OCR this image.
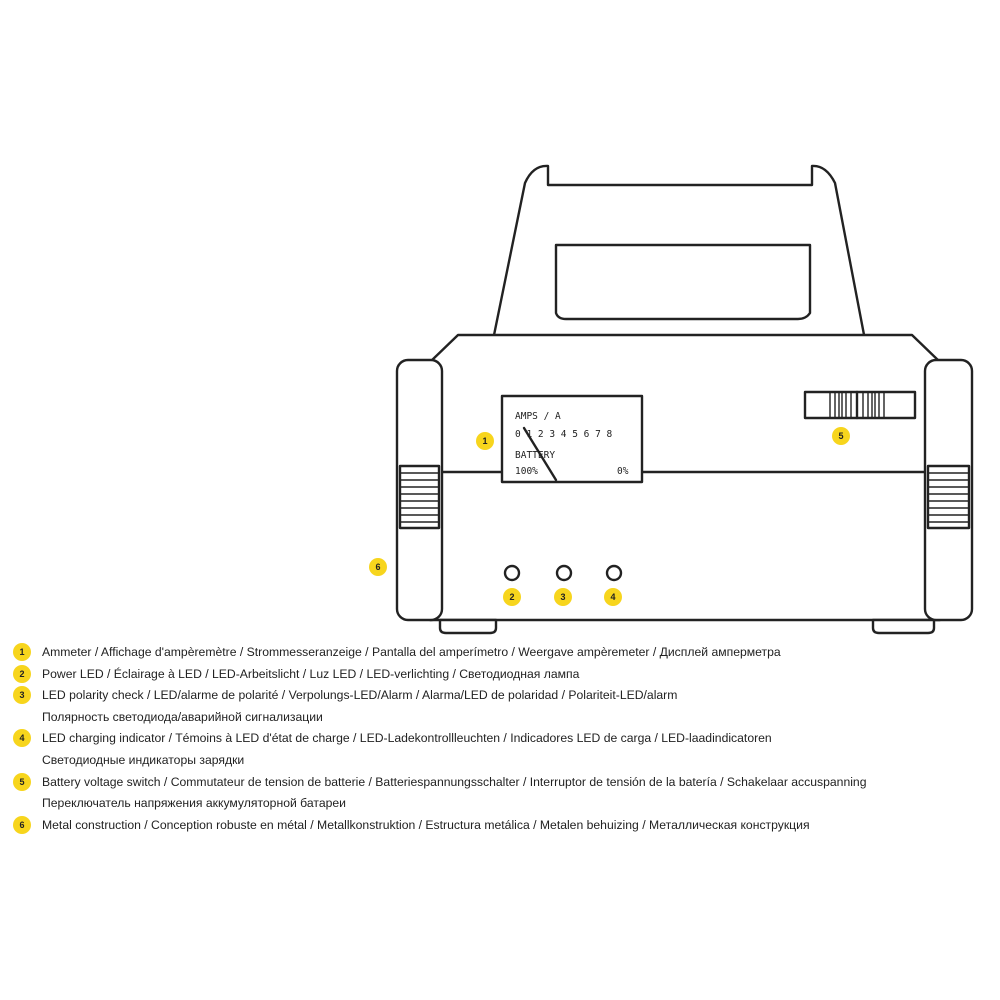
AMPS / A
0 1 2 3 4 5 6 7 8
BATTERY
100%	0%
1
2	3	4
5
6
1	Ammeter / Affichage d'ampèremètre / Strommesseranzeige / Pantalla del amperímetro / Weergave ampèremeter / Дисплей амперметра
2	Power LED / Éclairage à LED / LED-Arbeitslicht / Luz LED / LED-verlichting / Светодиодная лампа
3	LED polarity check / LED/alarme de polarité / Verpolungs-LED/Alarm / Alarma/LED de polaridad / Polariteit-LED/alarm
Полярность светодиода/аварийной сигнализации
4	LED charging indicator / Témoins à LED d'état de charge / LED-Ladekontrollleuchten / Indicadores LED de carga / LED-laadindicatoren
Светодиодные индикаторы зарядки
5	Battery voltage switch / Commutateur de tension de batterie / Batteriespannungsschalter / Interruptor de tensión de la batería / Schakelaar accuspanning
Переключатель напряжения аккумуляторной батареи
6	Metal construction / Conception robuste en métal / Metallkonstruktion / Estructura metálica / Metalen behuizing / Металлическая конструкция
